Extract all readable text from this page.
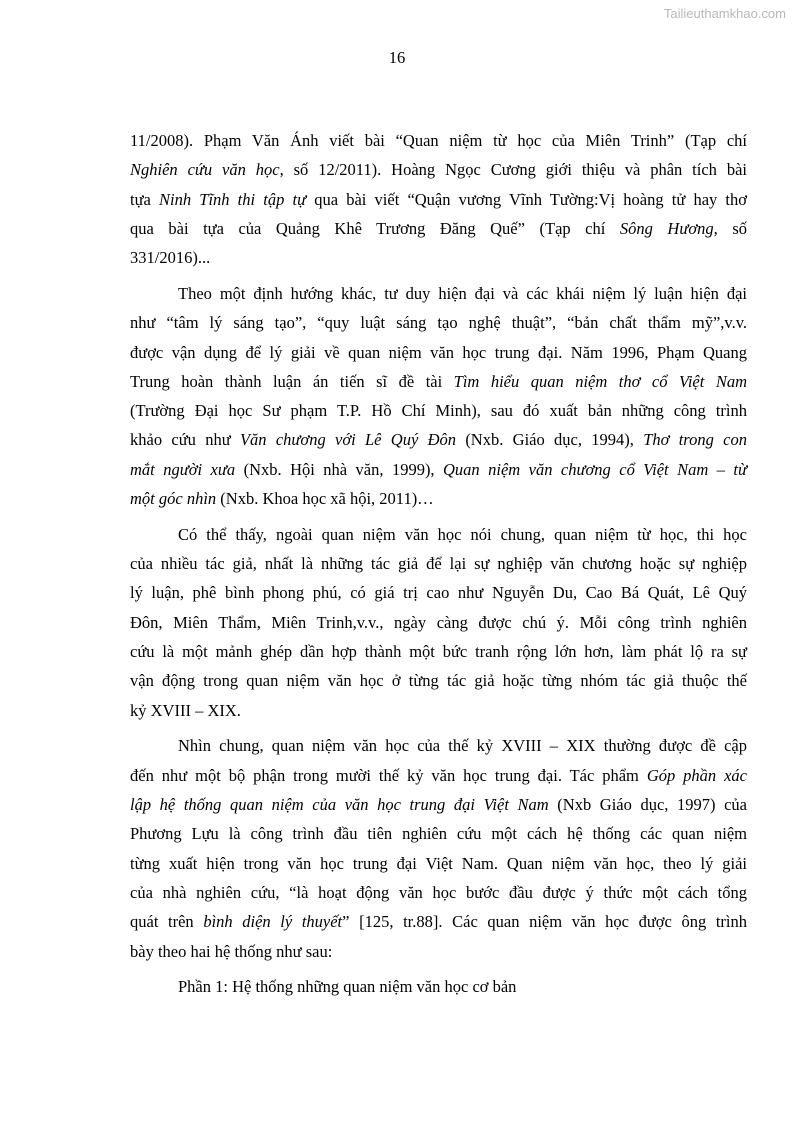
Tailieuthamkhao.com
16
11/2008). Phạm Văn Ánh viết bài “Quan niệm từ học của Miên Trinh” (Tạp chí
Nghiên cứu văn học, số 12/2011). Hoàng Ngọc Cương giới thiệu và phân tích bài
tựa Ninh Tĩnh thi tập tự qua bài viết “Quận vương Vĩnh Tường:Vị hoàng tử hay thơ
qua bài tựa của Quảng Khê Trương Đăng Quế” (Tạp chí Sông Hương, số
331/2016)...
Theo một định hướng khác, tư duy hiện đại và các khái niệm lý luận hiện đại
như “tâm lý sáng tạo”, “quy luật sáng tạo nghệ thuật”, “bản chất thẩm mỹ”,v.v.
được vận dụng để lý giải về quan niệm văn học trung đại. Năm 1996, Phạm Quang
Trung hoàn thành luận án tiến sĩ đề tài Tìm hiểu quan niệm thơ cổ Việt Nam
(Trường Đại học Sư phạm T.P. Hồ Chí Minh), sau đó xuất bản những công trình
khảo cứu như Văn chương với Lê Quý Đôn (Nxb. Giáo dục, 1994), Thơ trong con
mắt người xưa (Nxb. Hội nhà văn, 1999), Quan niệm văn chương cổ Việt Nam – từ
một góc nhìn (Nxb. Khoa học xã hội, 2011)…
Có thể thấy, ngoài quan niệm văn học nói chung, quan niệm từ học, thi học
của nhiều tác giả, nhất là những tác giả để lại sự nghiệp văn chương hoặc sự nghiệp
lý luận, phê bình phong phú, có giá trị cao như Nguyễn Du, Cao Bá Quát, Lê Quý
Đôn, Miên Thẩm, Miên Trinh,v.v., ngày càng được chú ý. Mỗi công trình nghiên
cứu là một mảnh ghép dần hợp thành một bức tranh rộng lớn hơn, làm phát lộ ra sự
vận động trong quan niệm văn học ở từng tác giả hoặc từng nhóm tác giả thuộc thế
kỷ XVIII – XIX.
Nhìn chung, quan niệm văn học của thế kỷ XVIII – XIX thường được đề cập
đến như một bộ phận trong mười thế kỷ văn học trung đại. Tác phẩm Góp phần xác
lập hệ thống quan niệm của văn học trung đại Việt Nam (Nxb Giáo dục, 1997) của
Phương Lựu là công trình đầu tiên nghiên cứu một cách hệ thống các quan niệm
từng xuất hiện trong văn học trung đại Việt Nam. Quan niệm văn học, theo lý giải
của nhà nghiên cứu, “là hoạt động văn học bước đầu được ý thức một cách tổng
quát trên bình diện lý thuyết” [125, tr.88]. Các quan niệm văn học được ông trình
bày theo hai hệ thống như sau:
Phần 1: Hệ thống những quan niệm văn học cơ bản
